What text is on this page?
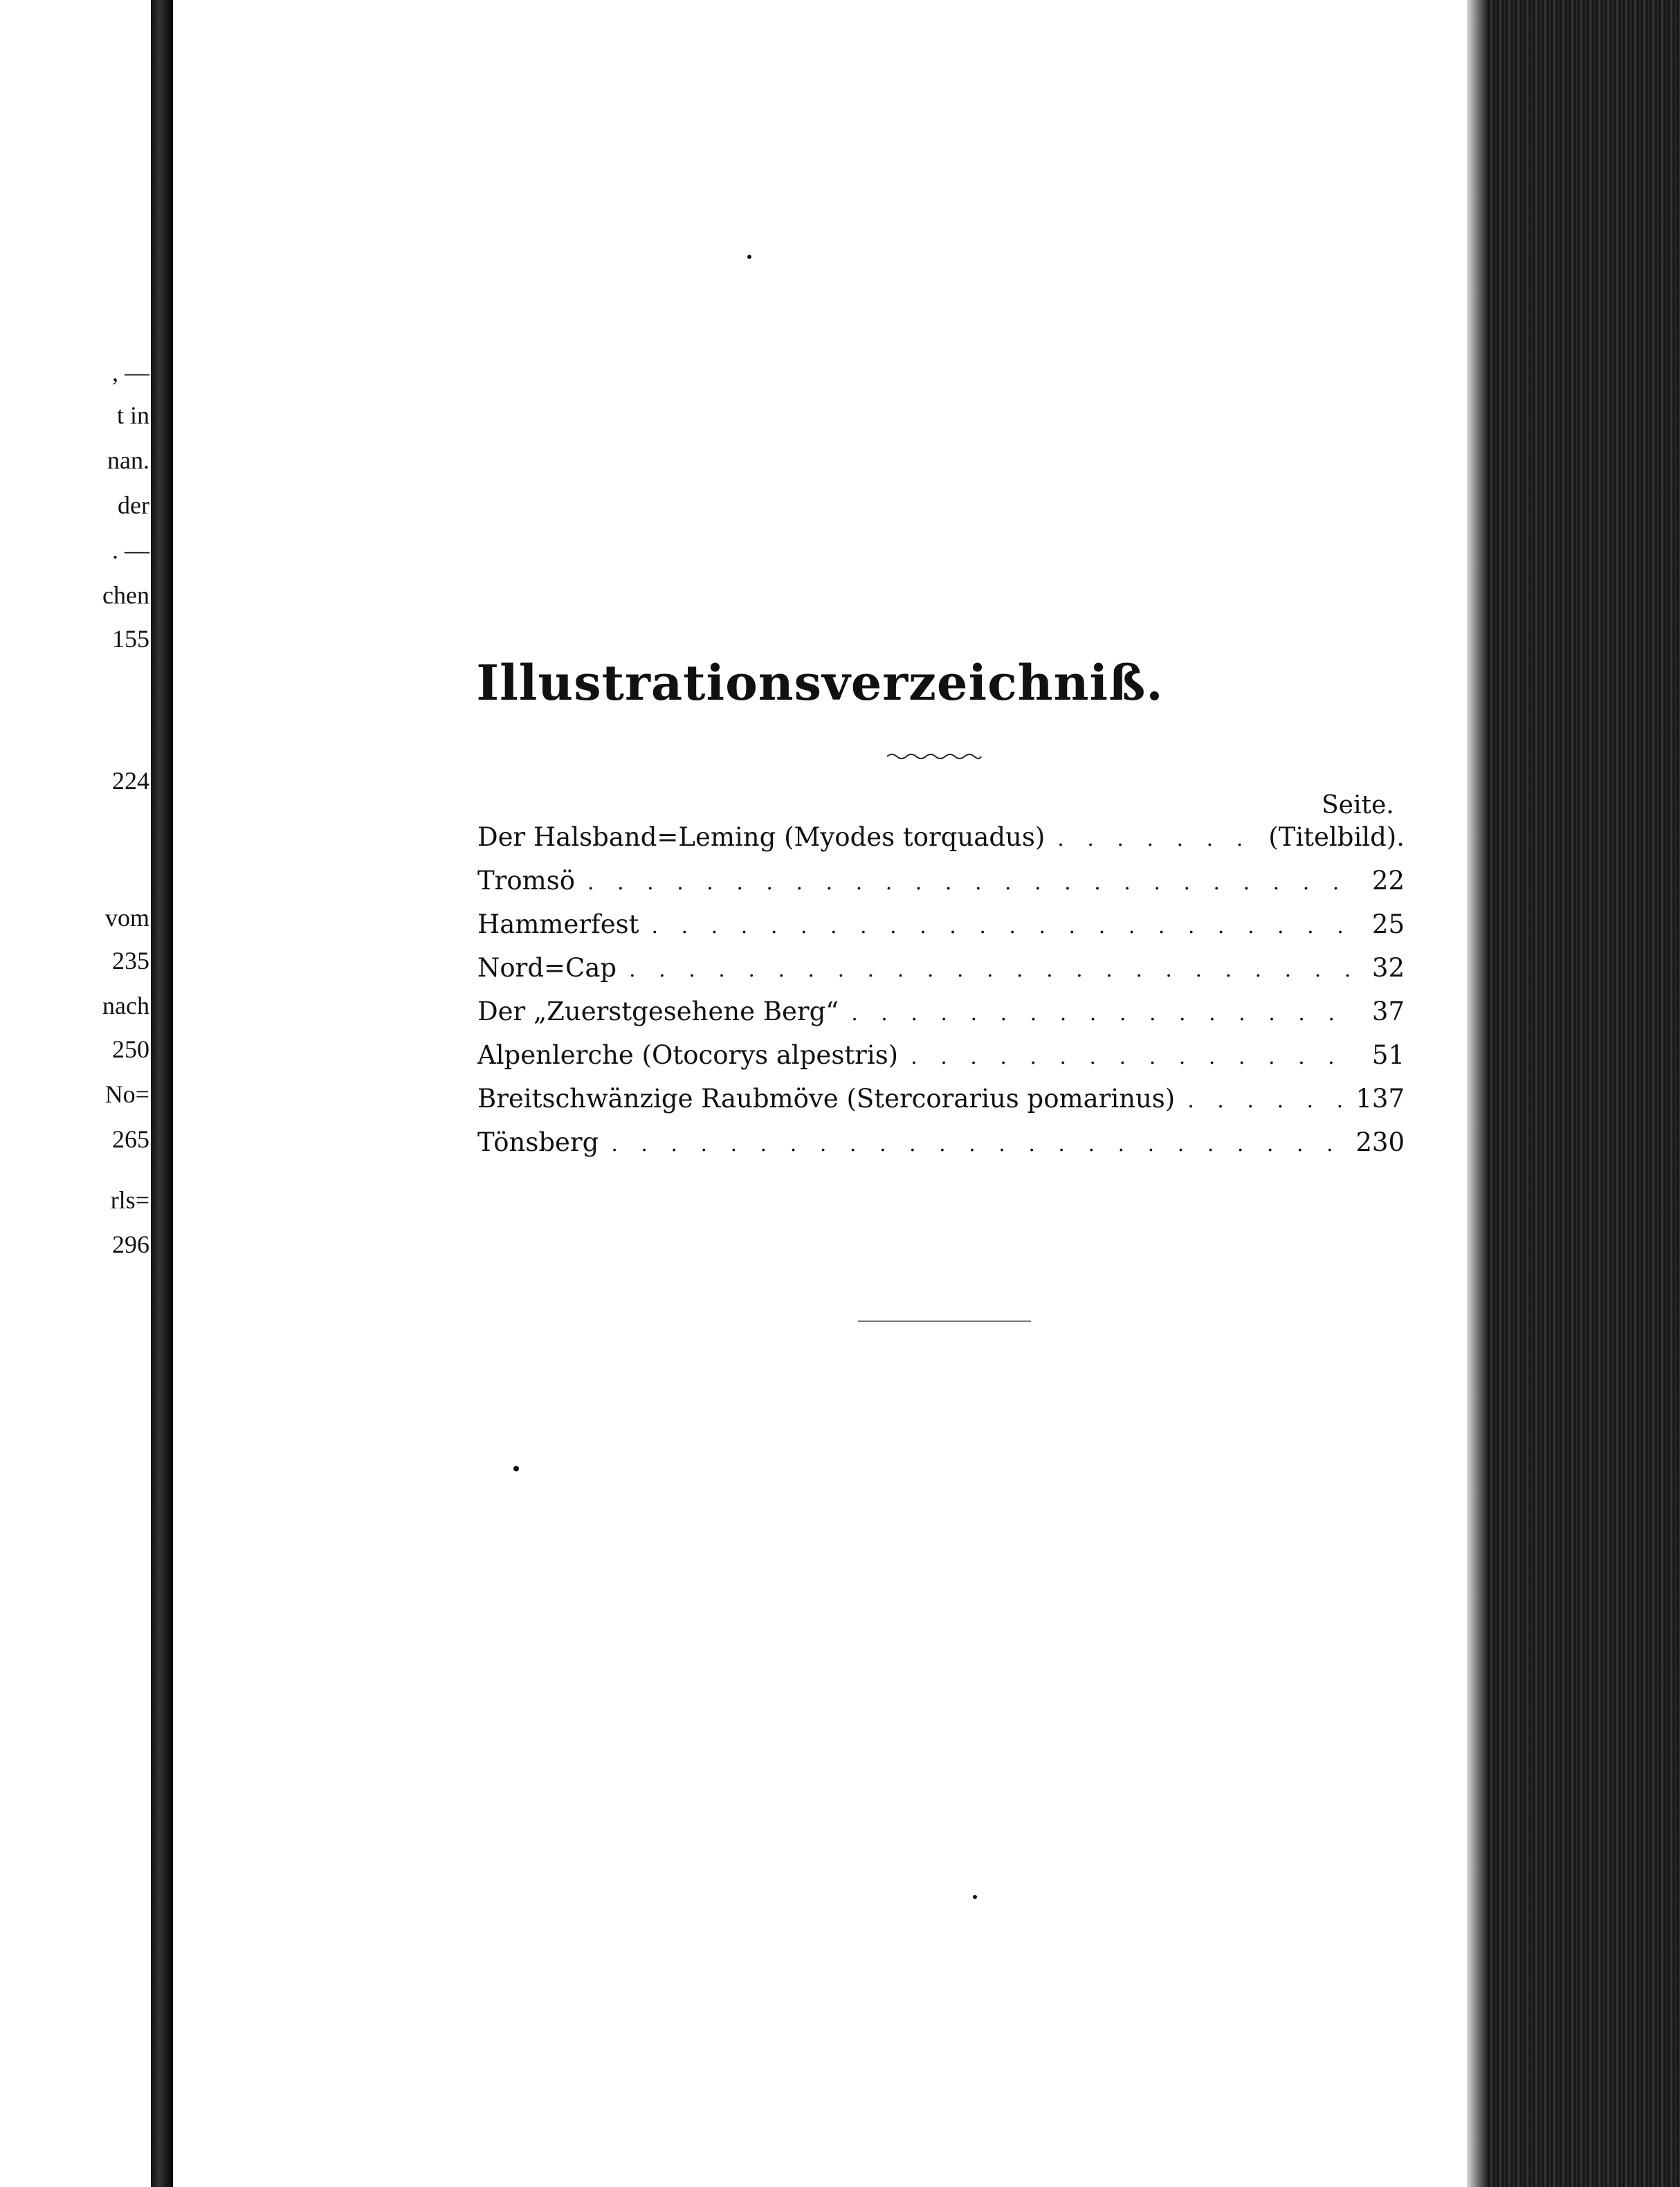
, —
t in
nan.
der
. —
chen
155
224
vom
235
nach
250
No=
265
rls=
296
Illustrationsverzeichniß.
Seite.
Der Halsband=Leming (Myodes torquadus) . . .	(Titelbild).
Tromsö . . .	22
Hammerfest . . .	25
Nord=Cap . . .	32
Der „Zuerstgesehene Berg“ . . .	37
Alpenlerche (Otocorys alpestris) . . .	51
Breitschwänzige Raubmöve (Stercorarius pomarinus) . . .	137
Tönsberg . . .	230
